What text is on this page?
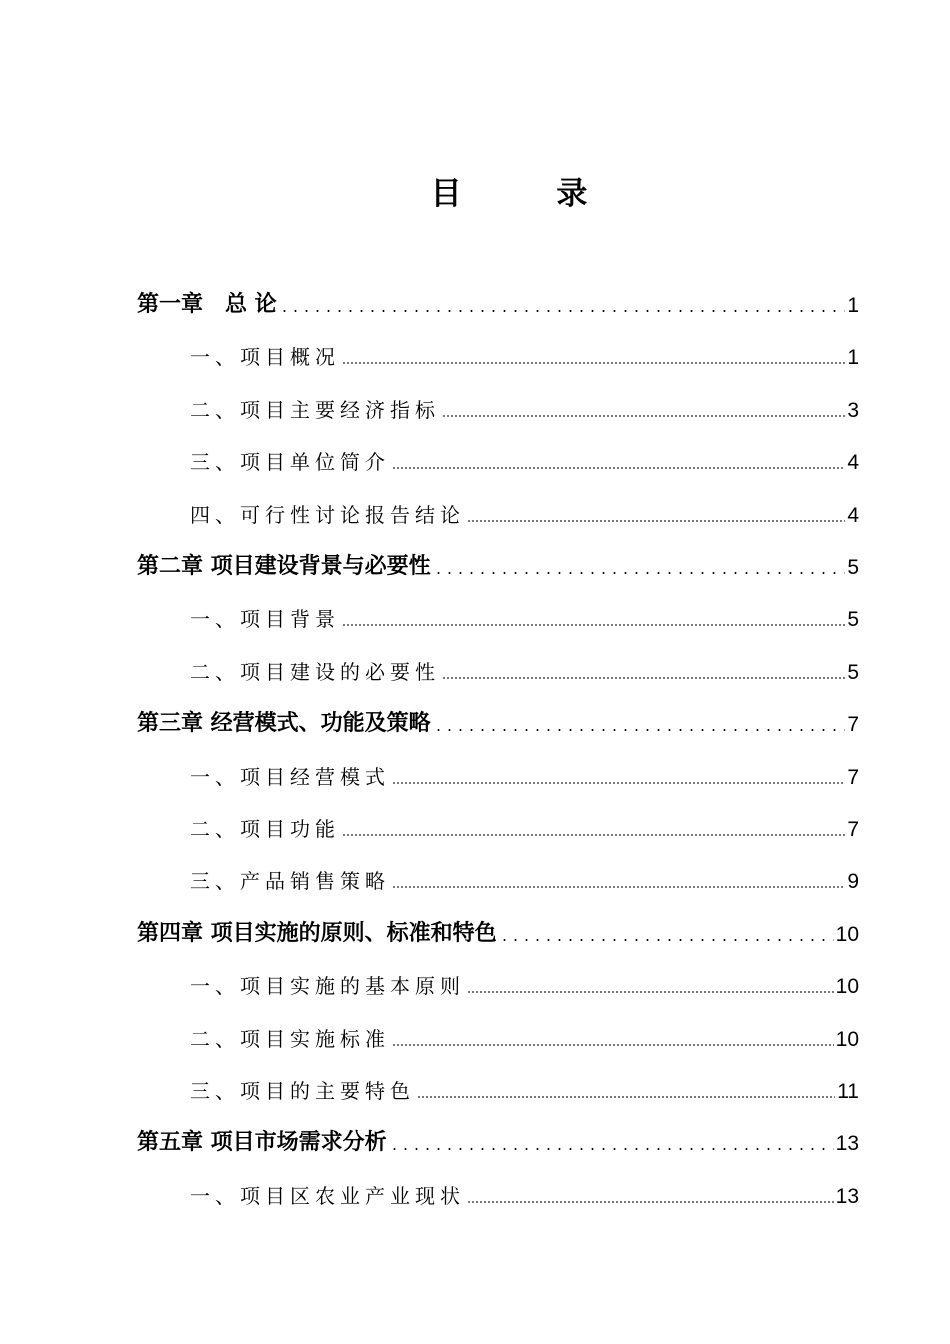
目 录
第一章　总 论	1
一、项目概况	1
二、项目主要经济指标	3
三、项目单位简介	4
四、可行性讨论报告结论	4
第二章 项目建设背景与必要性	5
一、项目背景	5
二、项目建设的必要性	5
第三章 经营模式、功能及策略	7
一、项目经营模式	7
二、项目功能	7
三、产品销售策略	9
第四章 项目实施的原则、标准和特色	10
一、项目实施的基本原则	10
二、项目实施标准	10
三、项目的主要特色	11
第五章 项目市场需求分析	13
一、项目区农业产业现状	13
